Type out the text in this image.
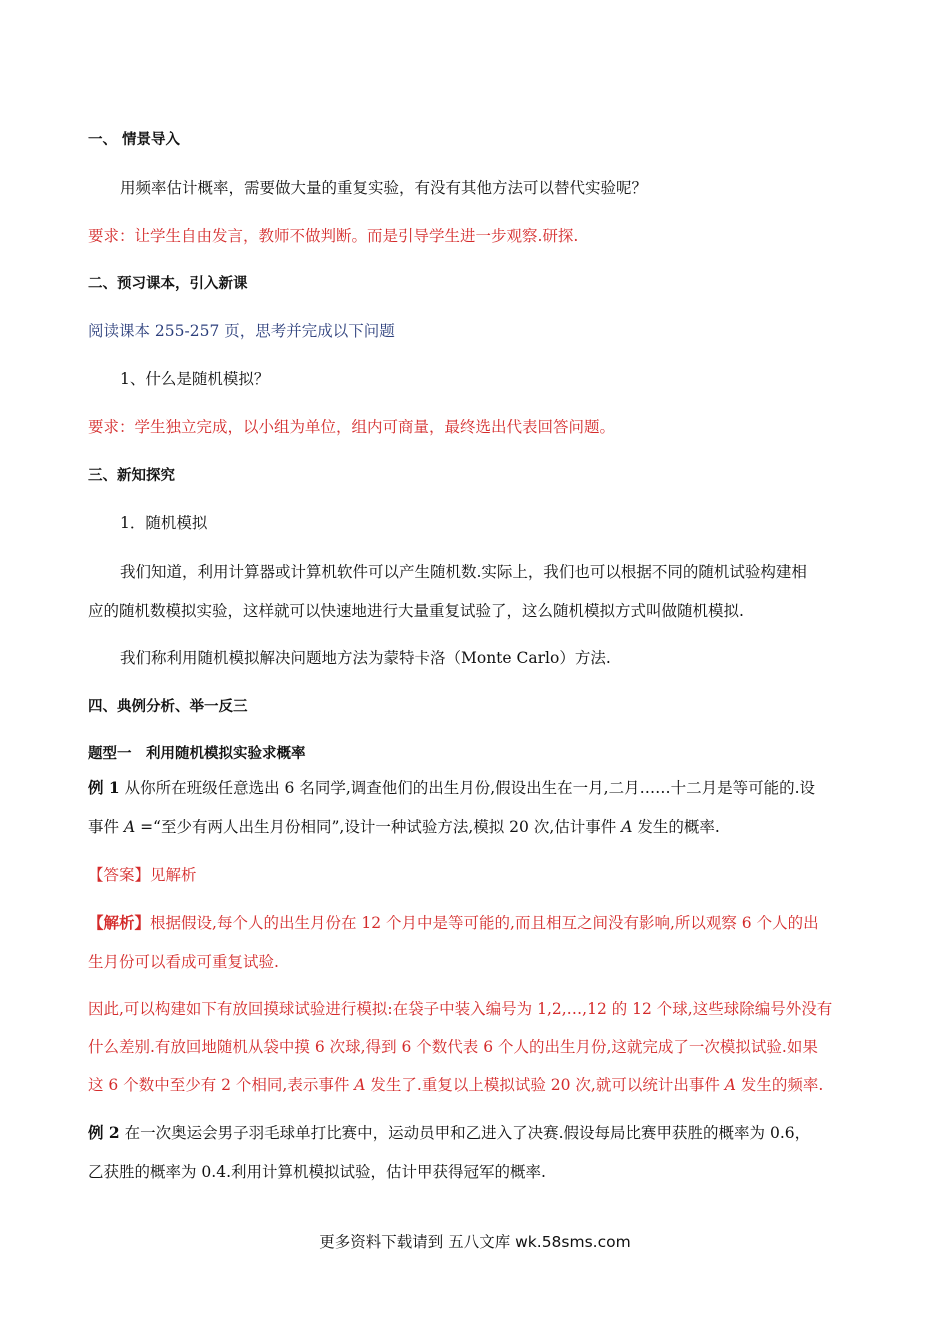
一、 情景导入
用频率估计概率，需要做大量的重复实验，有没有其他方法可以替代实验呢？
要求：让学生自由发言，教师不做判断。而是引导学生进一步观察.研探.
二、预习课本，引入新课
阅读课本 255-257 页，思考并完成以下问题
1、什么是随机模拟？
要求：学生独立完成，以小组为单位，组内可商量，最终选出代表回答问题。
三、新知探究
1．随机模拟
我们知道，利用计算器或计算机软件可以产生随机数.实际上，我们也可以根据不同的随机试验构建相
应的随机数模拟实验，这样就可以快速地进行大量重复试验了，这么随机模拟方式叫做随机模拟.
我们称利用随机模拟解决问题地方法为蒙特卡洛（Monte Carlo）方法.
四、典例分析、举一反三
题型一　利用随机模拟实验求概率
例 1 从你所在班级任意选出 6 名同学,调查他们的出生月份,假设出生在一月,二月……十二月是等可能的.设
事件 A =“至少有两人出生月份相同”,设计一种试验方法,模拟 20 次,估计事件 A 发生的概率.
【答案】见解析
【解析】根据假设,每个人的出生月份在 12 个月中是等可能的,而且相互之间没有影响,所以观察 6 个人的出
生月份可以看成可重复试验.
因此,可以构建如下有放回摸球试验进行模拟:在袋子中装入编号为 1,2,…,12 的 12 个球,这些球除编号外没有
什么差别.有放回地随机从袋中摸 6 次球,得到 6 个数代表 6 个人的出生月份,这就完成了一次模拟试验.如果
这 6 个数中至少有 2 个相同,表示事件 A 发生了.重复以上模拟试验 20 次,就可以统计出事件 A 发生的频率.
例 2 在一次奥运会男子羽毛球单打比赛中，运动员甲和乙进入了决赛.假设每局比赛甲获胜的概率为 0.6，
乙获胜的概率为 0.4.利用计算机模拟试验，估计甲获得冠军的概率.
更多资料下载请到 五八文库 wk.58sms.com
